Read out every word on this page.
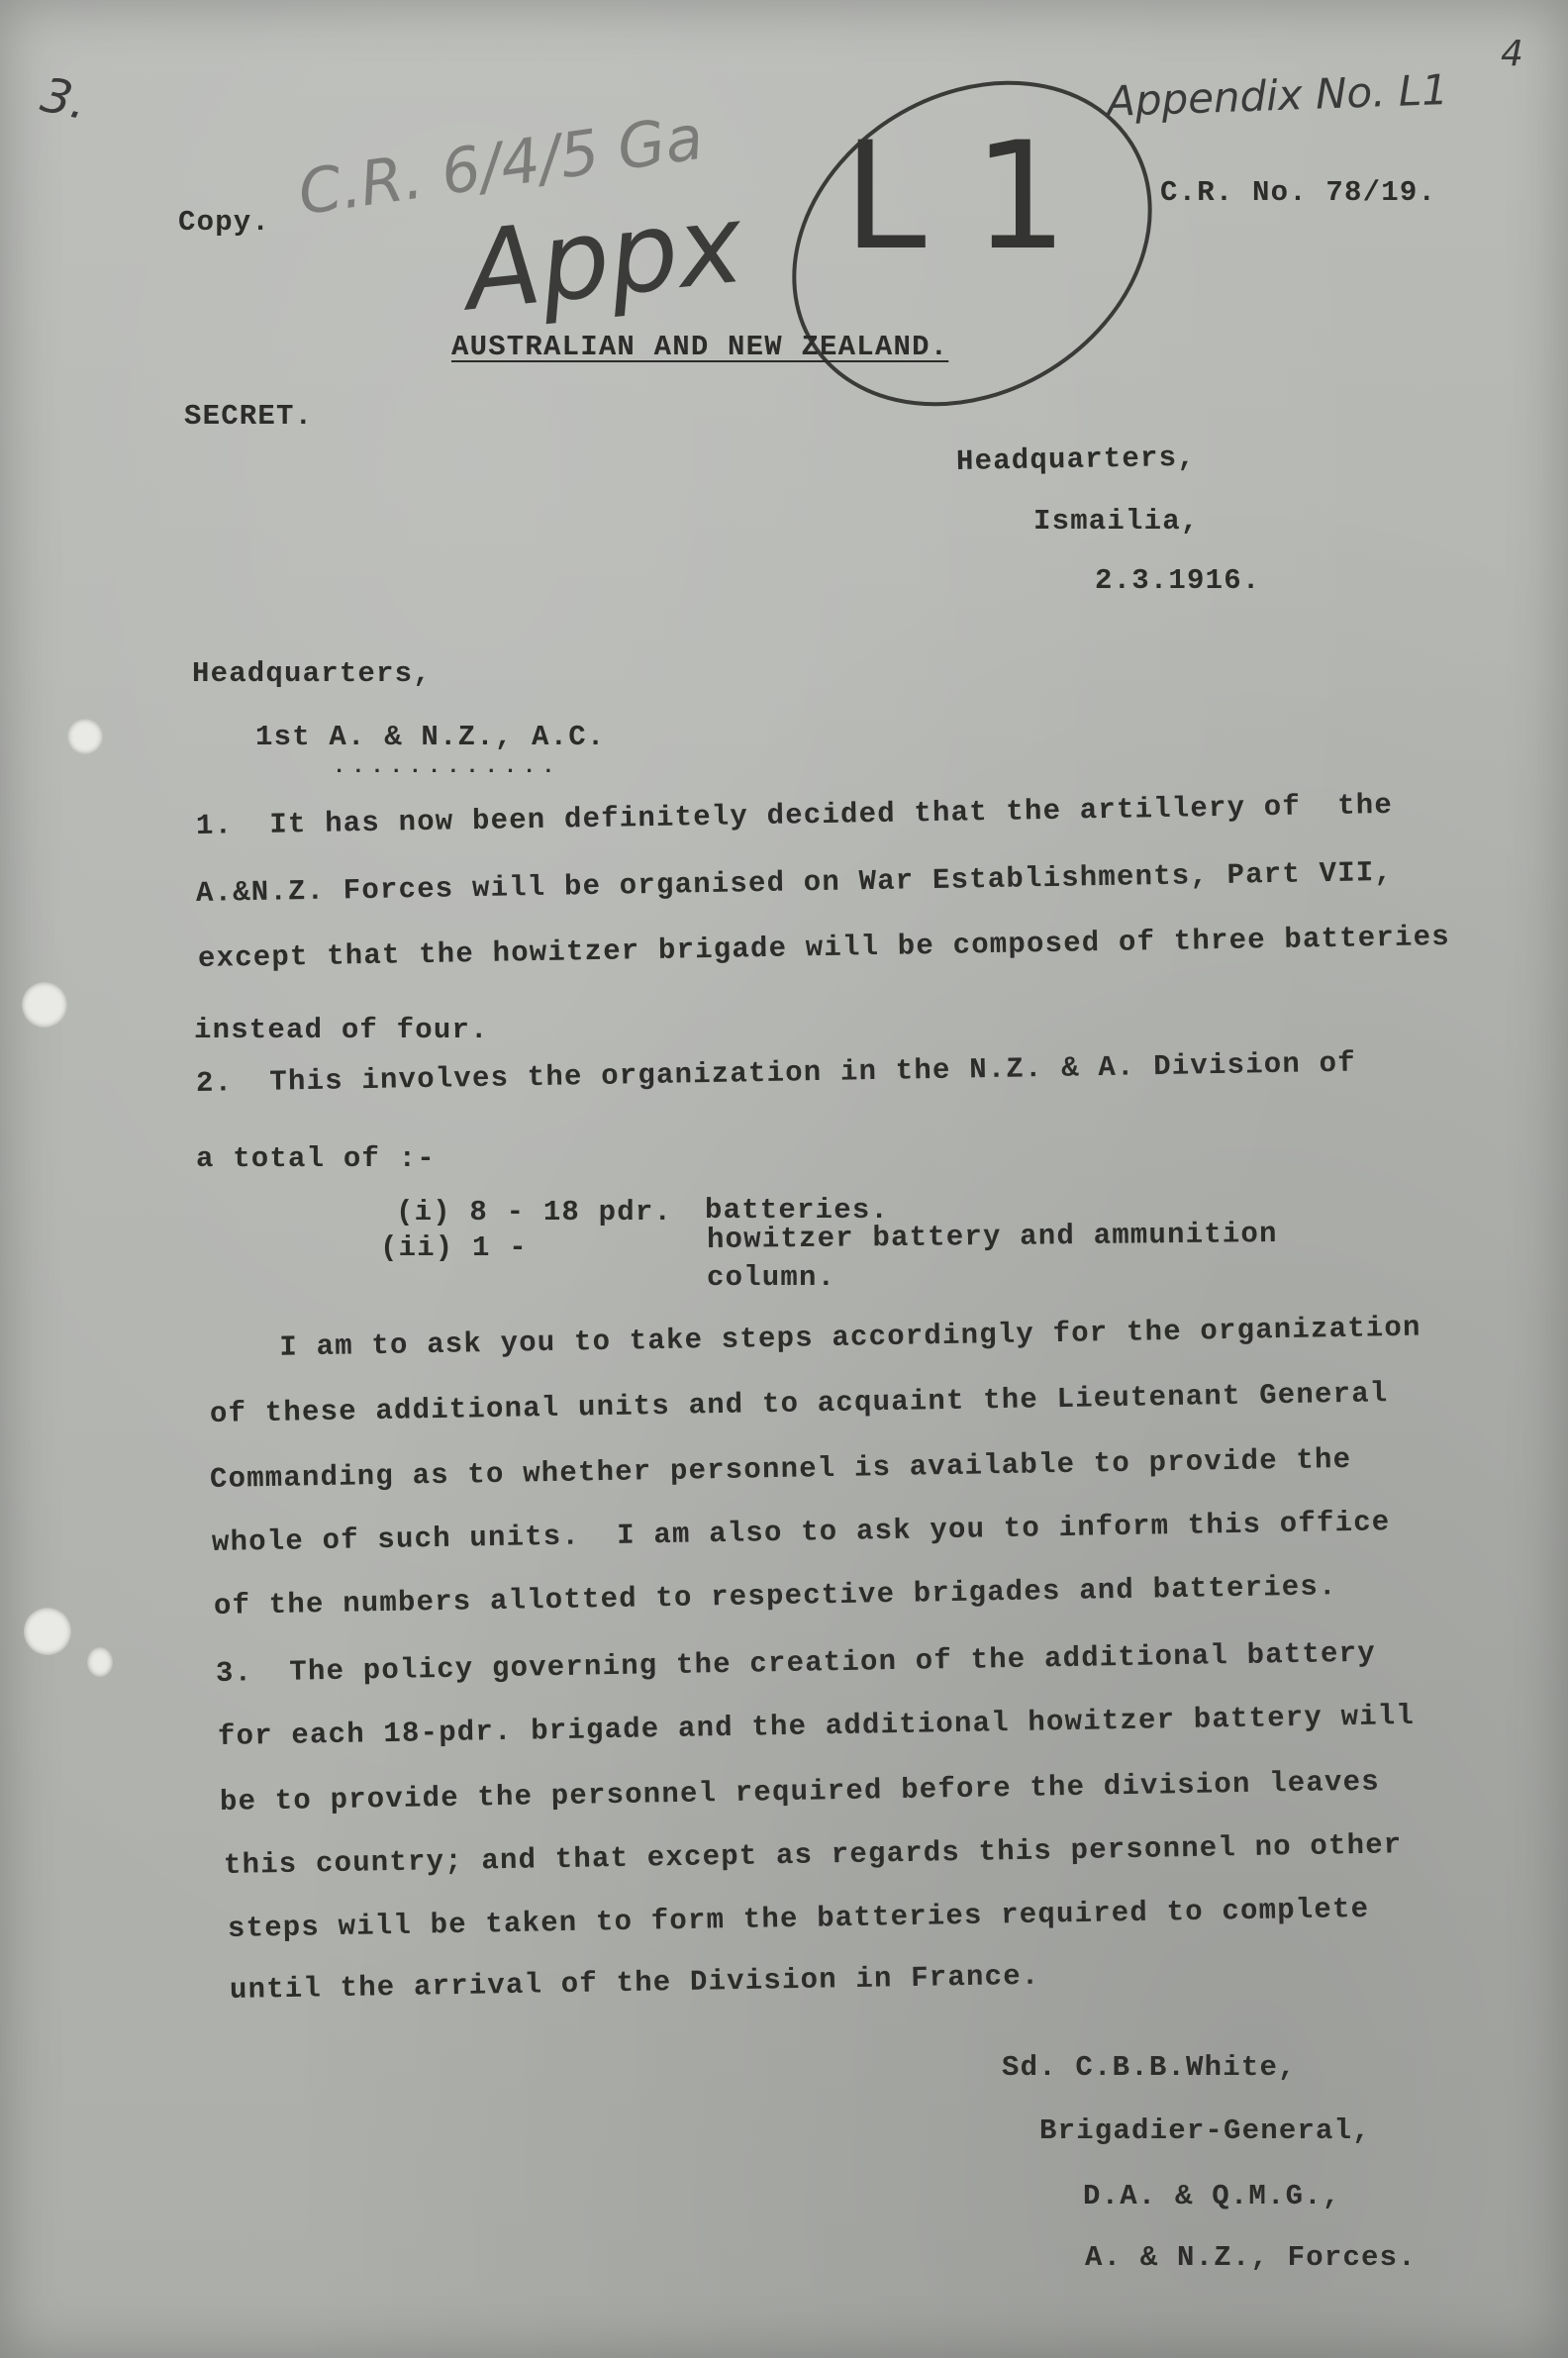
3.
4
Appendix No. L1
C.R. 6/4/5 Ga
Appx L 1
Copy.
C.R. No. 78/19.
AUSTRALIAN AND NEW ZEALAND.
SECRET.
Headquarters,
Ismailia,
2.3.1916.
Headquarters,
1st A. & N.Z., A.C.
............
1.  It has now been definitely decided that the artillery of  the
A.&N.Z. Forces will be organised on War Establishments, Part VII,
except that the howitzer brigade will be composed of three batteries
instead of four.
2.  This involves the organization in the N.Z. & A. Division of
a total of :-
(i) 8 - 18 pdr. batteries.
(ii) 1 -	howitzer battery and ammunition
column.
I am to ask you to take steps accordingly for the organization
of these additional units and to acquaint the Lieutenant General
Commanding as to whether personnel is available to provide the
whole of such units.  I am also to ask you to inform this office
of the numbers allotted to respective brigades and batteries.
3.  The policy governing the creation of the additional battery
for each 18-pdr. brigade and the additional howitzer battery will
be to provide the personnel required before the division leaves
this country; and that except as regards this personnel no other
steps will be taken to form the batteries required to complete
until the arrival of the Division in France.
Sd. C.B.B.White,
Brigadier-General,
D.A. & Q.M.G.,
A. & N.Z., Forces.
